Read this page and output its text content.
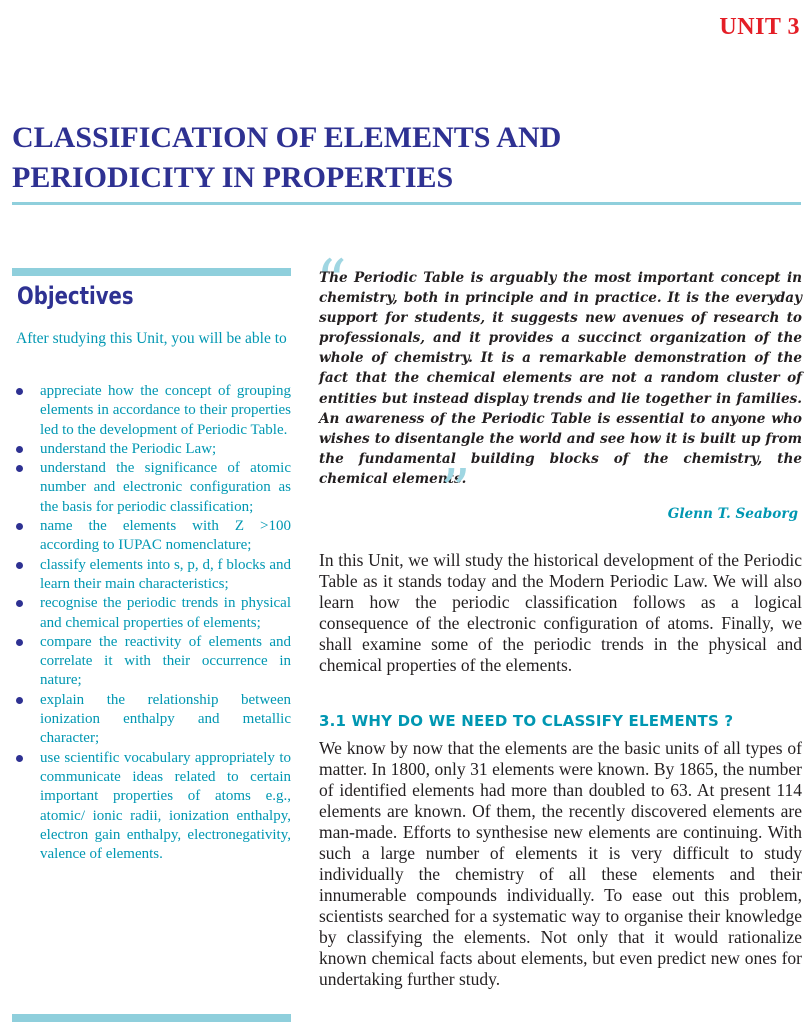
UNIT 3
CLASSIFICATION OF ELEMENTS AND
PERIODICITY IN PROPERTIES
Objectives
After studying this Unit, you will be able to
appreciate how the concept of grouping elements in accordance to their properties led to the development of Periodic Table.
understand the Periodic Law;
understand the significance of atomic number and electronic configuration as the basis for periodic classification;
name the elements with Z >100 according to IUPAC nomenclature;
classify elements into s, p, d, f blocks and learn their main characteristics;
recognise the periodic trends in physical and chemical properties of elements;
compare the reactivity of elements and correlate it with their occurrence in nature;
explain the relationship between ionization enthalpy and metallic character;
use scientific vocabulary appropriately to communicate ideas related to certain important properties of atoms e.g., atomic/ ionic radii, ionization enthalpy, electron gain enthalpy, electronegativity, valence of elements.
“
The Periodic Table is arguably the most important concept in chemistry, both in principle and in practice. It is the everyday support for students, it suggests new avenues of research to professionals, and it provides a succinct organization of the whole of chemistry. It is a remarkable demonstration of the fact that the chemical elements are not a random cluster of entities but instead display trends and lie together in families. An awareness of the Periodic Table is essential to anyone who wishes to disentangle the world and see how it is built up from the fundamental building blocks of the chemistry, the chemical elements.
”	Glenn T. Seaborg

In this Unit, we will study the historical development of the Periodic Table as it stands today and the Modern Periodic Law. We will also learn how the periodic classification follows as a logical consequence of the electronic configuration of atoms. Finally, we shall examine some of the periodic trends in the physical and chemical properties of the elements.

3.1 WHY DO WE NEED TO CLASSIFY ELEMENTS ?

We know by now that the elements are the basic units of all types of matter. In 1800, only 31 elements were known. By 1865, the number of identified elements had more than doubled to 63. At present 114 elements are known. Of them, the recently discovered elements are man-made. Efforts to synthesise new elements are continuing. With such a large number of elements it is very difficult to study individually the chemistry of all these elements and their innumerable compounds individually. To ease out this problem, scientists searched for a systematic way to organise their knowledge by classifying the elements. Not only that it would rationalize known chemical facts about elements, but even predict new ones for undertaking further study.
